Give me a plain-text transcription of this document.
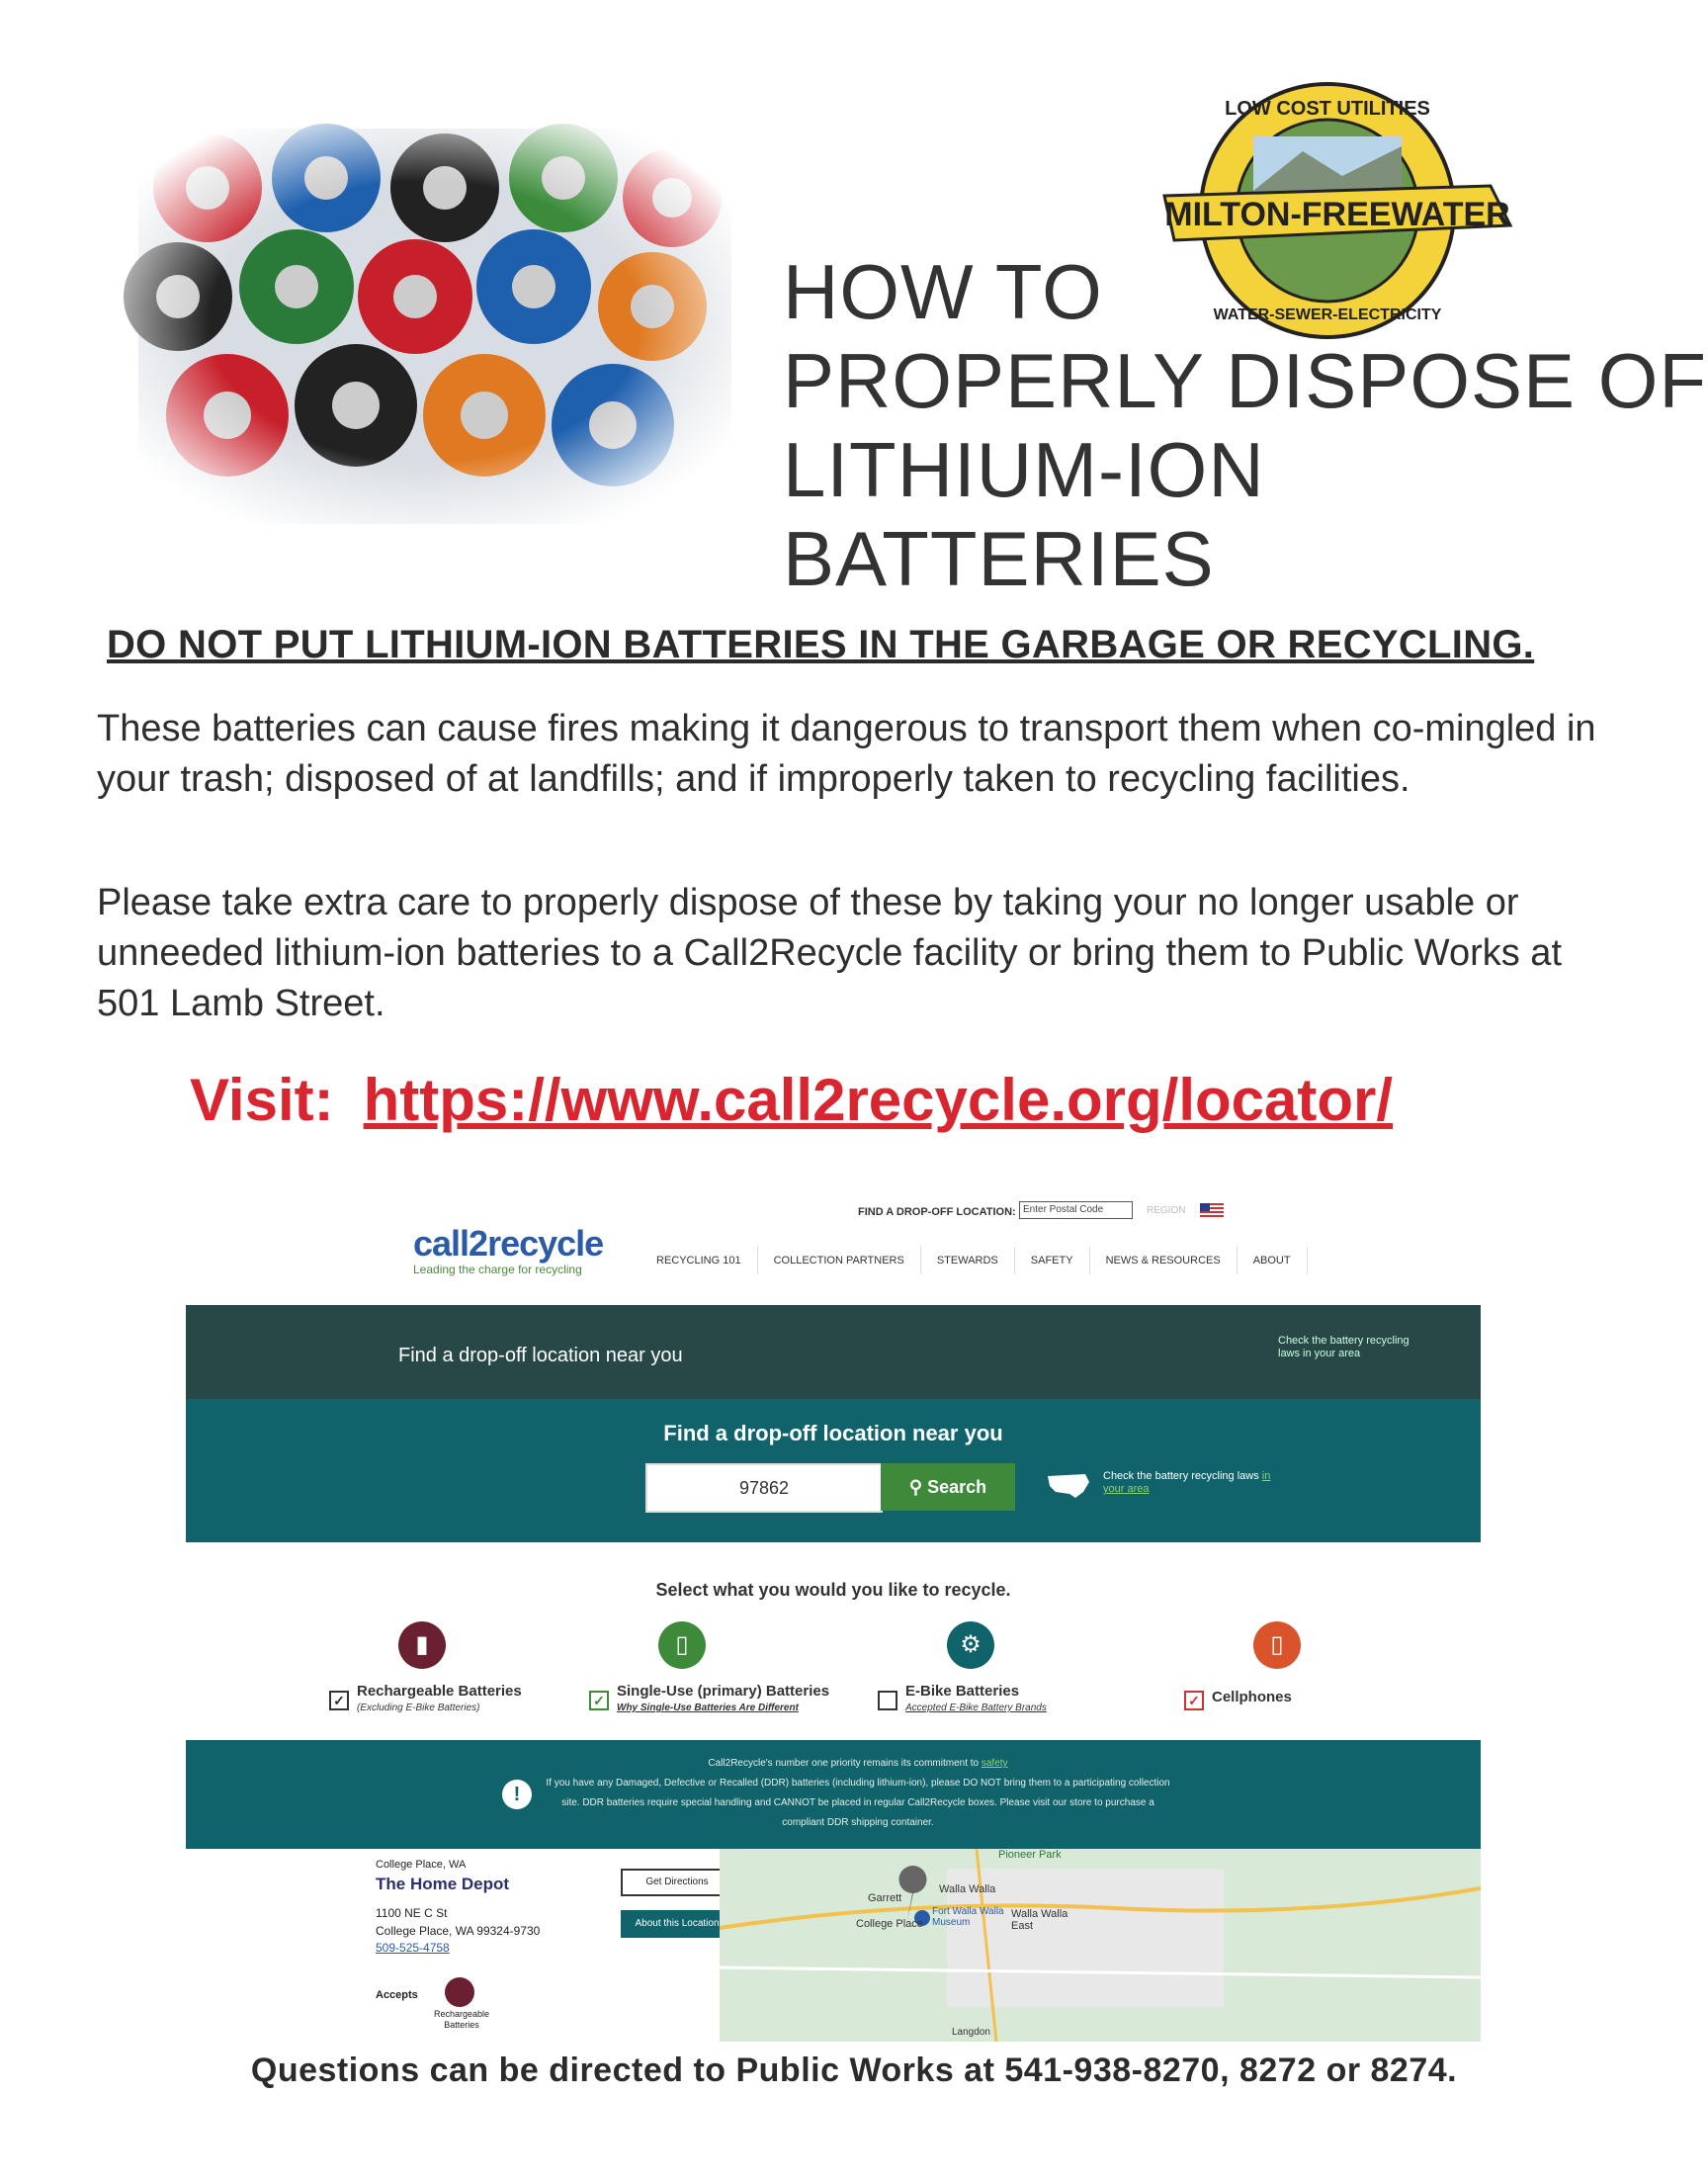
MILTON-FREEWATER
LOW COST UTILITIES
WATER-SEWER-ELECTRICITY
HOW TO
PROPERLY DISPOSE OF
LITHIUM-ION BATTERIES
DO NOT PUT LITHIUM-ION BATTERIES IN THE GARBAGE OR RECYCLING.
These batteries can cause fires making it dangerous to transport them when co-mingled in your trash; disposed of at landfills; and if improperly taken to recycling facilities.
Please take extra care to properly dispose of these by taking your no longer usable or unneeded lithium-ion batteries to a Call2Recycle facility or bring them to Public Works at 501 Lamb Street.
Visit: https://www.call2recycle.org/locator/
call2recycle
Leading the charge for recycling
FIND A DROP-OFF LOCATION: Enter Postal Code	REGION
RECYCLING 101	COLLECTION PARTNERS	STEWARDS	SAFETY	NEWS & RESOURCES	ABOUT
Find a drop-off location near you
Check the battery recycling laws in your area
Find a drop-off location near you
97862	⚲ Search
Check the battery recycling laws in your area
Select what you would you like to recycle.
▮
✓
Rechargeable Batteries
(Excluding E-Bike Batteries)
▯
✓
Single-Use (primary) Batteries
Why Single-Use Batteries Are Different
⚙
E-Bike Batteries
Accepted E-Bike Battery Brands
▯
✓ Cellphones
!
Call2Recycle's number one priority remains its commitment to safety
If you have any Damaged, Defective or Recalled (DDR) batteries (including lithium-ion), please DO NOT bring them to a participating collection site. DDR batteries require special handling and CANNOT be placed in regular Call2Recycle boxes. Please visit our store to purchase a compliant DDR shipping container.
College Place, WA
The Home Depot
1100 NE C St
College Place, WA 99324-9730
509-525-4758
Accepts
Rechargeable Batteries
Get Directions
About this Location
Pioneer Park
Walla Walla
Garrett
Fort Walla Walla Museum
College Place
Walla Walla East
Langdon
Questions can be directed to Public Works at 541-938-8270, 8272 or 8274.
